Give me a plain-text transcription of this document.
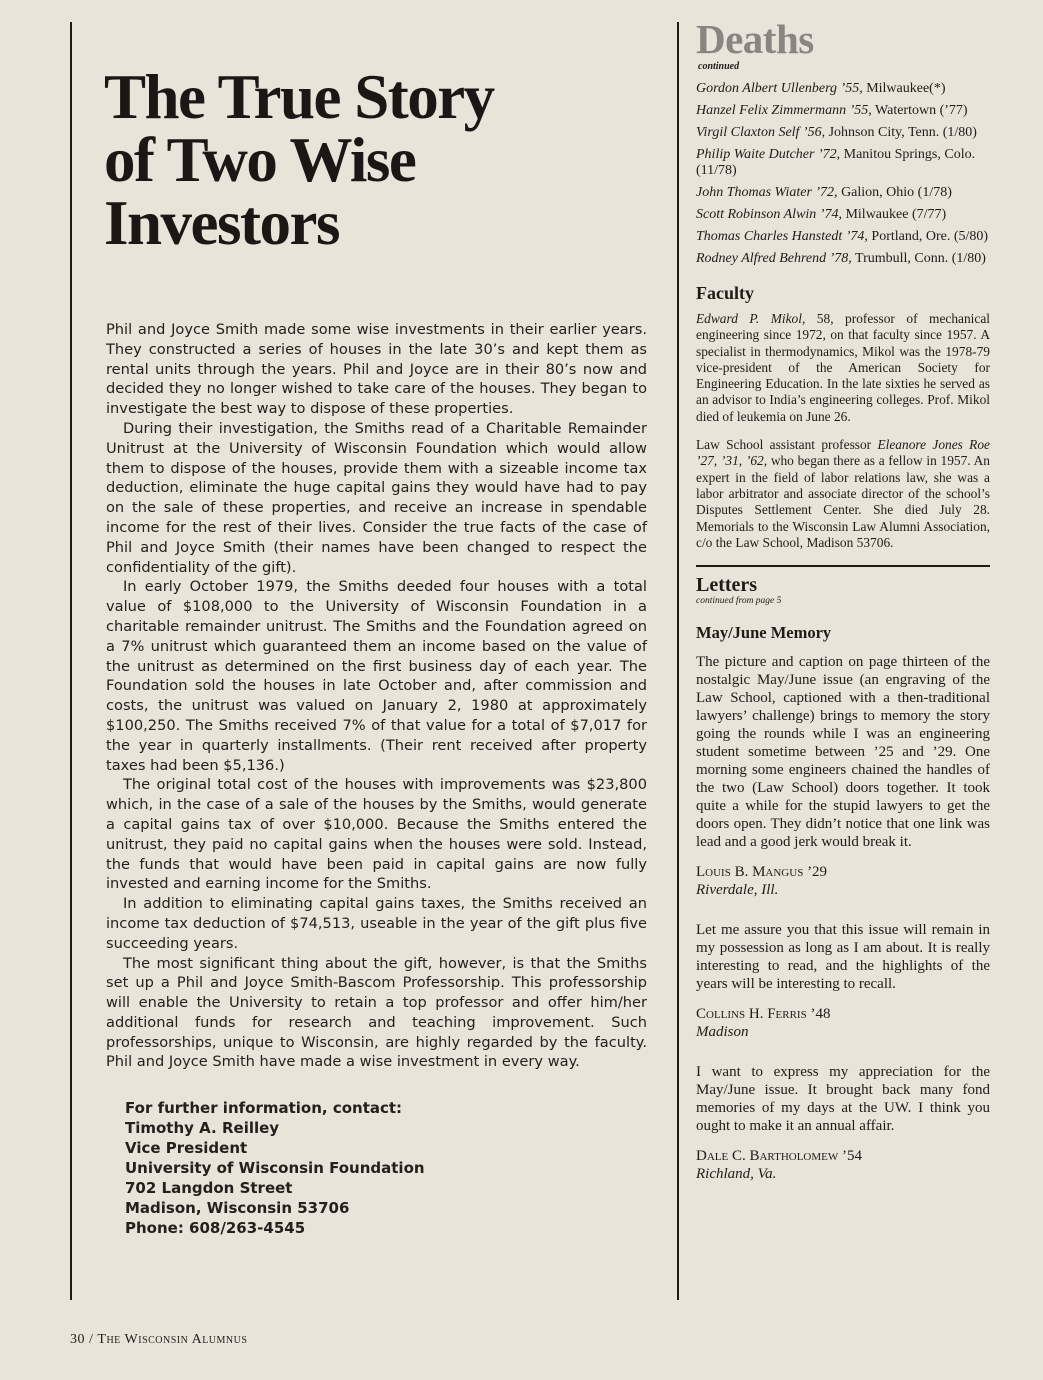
The True Story
of Two Wise
Investors

Phil and Joyce Smith made some wise investments in their earlier years. They constructed a series of houses in the late 30’s and kept them as rental units through the years. Phil and Joyce are in their 80’s now and decided they no longer wished to take care of the houses. They began to investigate the best way to dispose of these properties.

During their investigation, the Smiths read of a Charitable Remainder Unitrust at the University of Wisconsin Foundation which would allow them to dispose of the houses, provide them with a sizeable income tax deduction, eliminate the huge capital gains they would have had to pay on the sale of these properties, and receive an increase in spendable income for the rest of their lives. Consider the true facts of the case of Phil and Joyce Smith (their names have been changed to respect the confidentiality of the gift).

In early October 1979, the Smiths deeded four houses with a total value of $108,000 to the University of Wisconsin Foundation in a charitable remainder unitrust. The Smiths and the Foundation agreed on a 7% unitrust which guaranteed them an income based on the value of the unitrust as determined on the first business day of each year. The Foundation sold the houses in late October and, after commission and costs, the unitrust was valued on January 2, 1980 at approximately $100,250. The Smiths received 7% of that value for a total of $7,017 for the year in quarterly installments. (Their rent received after property taxes had been $5,136.)

The original total cost of the houses with improvements was $23,800 which, in the case of a sale of the houses by the Smiths, would generate a capital gains tax of over $10,000. Because the Smiths entered the unitrust, they paid no capital gains when the houses were sold. Instead, the funds that would have been paid in capital gains are now fully invested and earning income for the Smiths.

In addition to eliminating capital gains taxes, the Smiths received an income tax deduction of $74,513, useable in the year of the gift plus five succeeding years.

The most significant thing about the gift, however, is that the Smiths set up a Phil and Joyce Smith-Bascom Professorship. This professorship will enable the University to retain a top professor and offer him/her additional funds for research and teaching improvement. Such professorships, unique to Wisconsin, are highly regarded by the faculty. Phil and Joyce Smith have made a wise investment in every way.

For further information, contact:
Timothy A. Reilley
Vice President
University of Wisconsin Foundation
702 Langdon Street
Madison, Wisconsin 53706
Phone: 608/263-4545
30 / The Wisconsin Alumnus
Deaths
continued

Gordon Albert Ullenberg ’55, Milwaukee(*)

Hanzel Felix Zimmermann ’55, Watertown (’77)

Virgil Claxton Self ’56, Johnson City, Tenn. (1/80)

Philip Waite Dutcher ’72, Manitou Springs, Colo. (11/78)

John Thomas Wiater ’72, Galion, Ohio (1/78)

Scott Robinson Alwin ’74, Milwaukee (7/77)

Thomas Charles Hanstedt ’74, Portland, Ore. (5/80)

Rodney Alfred Behrend ’78, Trumbull, Conn. (1/80)

Faculty

Edward P. Mikol, 58, professor of mechanical engineering since 1972, on that faculty since 1957. A specialist in thermodynamics, Mikol was the 1978-79 vice-president of the American Society for Engineering Education. In the late sixties he served as an advisor to India’s engineering colleges. Prof. Mikol died of leukemia on June 26.

Law School assistant professor Eleanore Jones Roe ’27, ’31, ’62, who began there as a fellow in 1957. An expert in the field of labor relations law, she was a labor arbitrator and associate director of the school’s Disputes Settlement Center. She died July 28. Memorials to the Wisconsin Law Alumni Association, c/o the Law School, Madison 53706.

Letters
continued from page 5
May/June Memory

The picture and caption on page thirteen of the nostalgic May/June issue (an engraving of the Law School, captioned with a then-traditional lawyers’ challenge) brings to memory the story going the rounds while I was an engineering student sometime between ’25 and ’29. One morning some engineers chained the handles of the two (Law School) doors together. It took quite a while for the stupid lawyers to get the doors open. They didn’t notice that one link was lead and a good jerk would break it.

Louis B. Mangus ’29
Riverdale, Ill.

Let me assure you that this issue will remain in my possession as long as I am about. It is really interesting to read, and the highlights of the years will be interesting to recall.

Collins H. Ferris ’48
Madison

I want to express my appreciation for the May/June issue. It brought back many fond memories of my days at the UW. I think you ought to make it an annual affair.

Dale C. Bartholomew ’54
Richland, Va.
